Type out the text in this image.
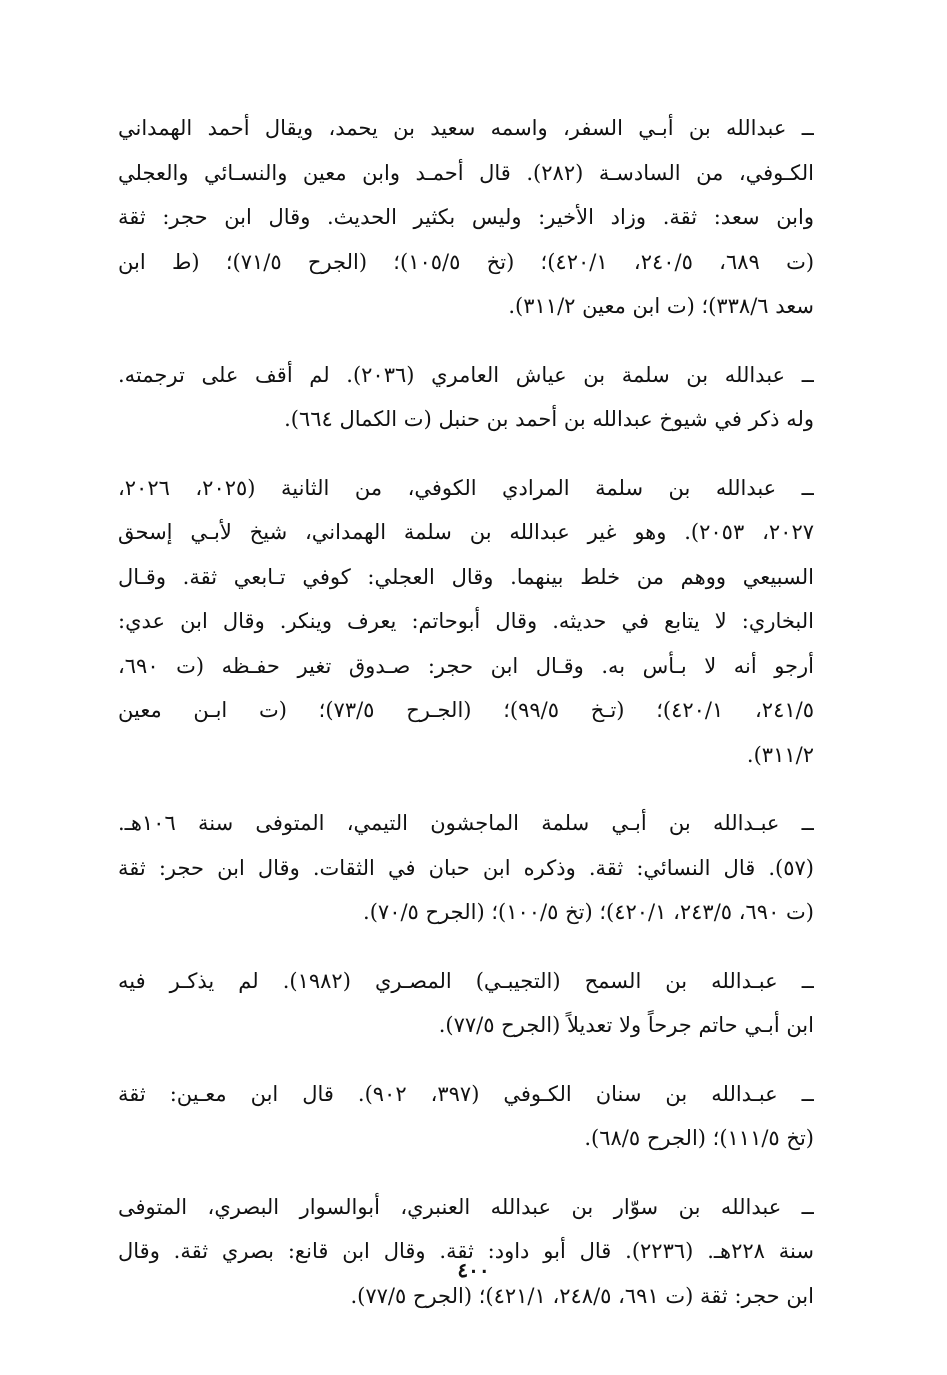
ــ عبدالله بن أبـي السفر، واسمه سعيد بن يحمد، ويقال أحمد الهمداني
الكـوفي، من السادسـة (٢٨٢). قال أحمـد وابن معين والنسـائي والعجلي
وابن سعد: ثقة. وزاد الأخير: وليس بكثير الحديث. وقال ابن حجر: ثقة
(ت ٦٨٩، ٢٤٠/٥، ٤٢٠/١)؛ (تخ ١٠٥/٥)؛ (الجرح ٧١/٥)؛ (ط ابن
سعد ٣٣٨/٦)؛ (ت ابن معين ٣١١/٢).
ــ عبدالله بن سلمة بن عياش العامري (٢٠٣٦). لم أقف على ترجمته.
وله ذكر في شيوخ عبدالله بن أحمد بن حنبل (ت الكمال ٦٦٤).
ــ عبدالله بن سلمة المرادي الكوفي، من الثانية (٢٠٢٥، ٢٠٢٦،
٢٠٢٧، ٢٠٥٣). وهو غير عبدالله بن سلمة الهمداني، شيخ لأبـي إسحق
السبيعي ووهم من خلط بينهما. وقال العجلي: كوفي تـابعي ثقة. وقـال
البخاري: لا يتابع في حديثه. وقال أبوحاتم: يعرف وينكر. وقال ابن عدي:
أرجو أنه لا بـأس به. وقـال ابن حجر: صـدوق تغير حفـظه (ت ٦٩٠،
٢٤١/٥، ٤٢٠/١)؛ (تـخ ٩٩/٥)؛ (الجـرح ٧٣/٥)؛ (ت ابـن معين
٣١١/٢).
ــ عبـدالله بن أبـي سلمة الماجشون التيمي، المتوفى سنة ١٠٦هـ.
(٥٧). قال النسائي: ثقة. وذكره ابن حبان في الثقات. وقال ابن حجر: ثقة
(ت ٦٩٠، ٢٤٣/٥، ٤٢٠/١)؛ (تخ ١٠٠/٥)؛ (الجرح ٧٠/٥).
ــ عبـدالله بن السمح (التجيبـي) المصـري (١٩٨٢). لم يذكـر فيه
ابن أبـي حاتم جرحاً ولا تعديلاً (الجرح ٧٧/٥).
ــ عبـدالله بن سنان الكـوفي (٣٩٧، ٩٠٢). قال ابن معـين: ثقة
(تخ ١١١/٥)؛ (الجرح ٦٨/٥).
ــ عبدالله بن سوّار بن عبدالله العنبري، أبوالسوار البصري، المتوفى
سنة ٢٢٨هـ. (٢٢٣٦). قال أبو داود: ثقة. وقال ابن قانع: بصري ثقة. وقال
ابن حجر: ثقة (ت ٦٩١، ٢٤٨/٥، ٤٢١/١)؛ (الجرح ٧٧/٥).
٤٠٠
